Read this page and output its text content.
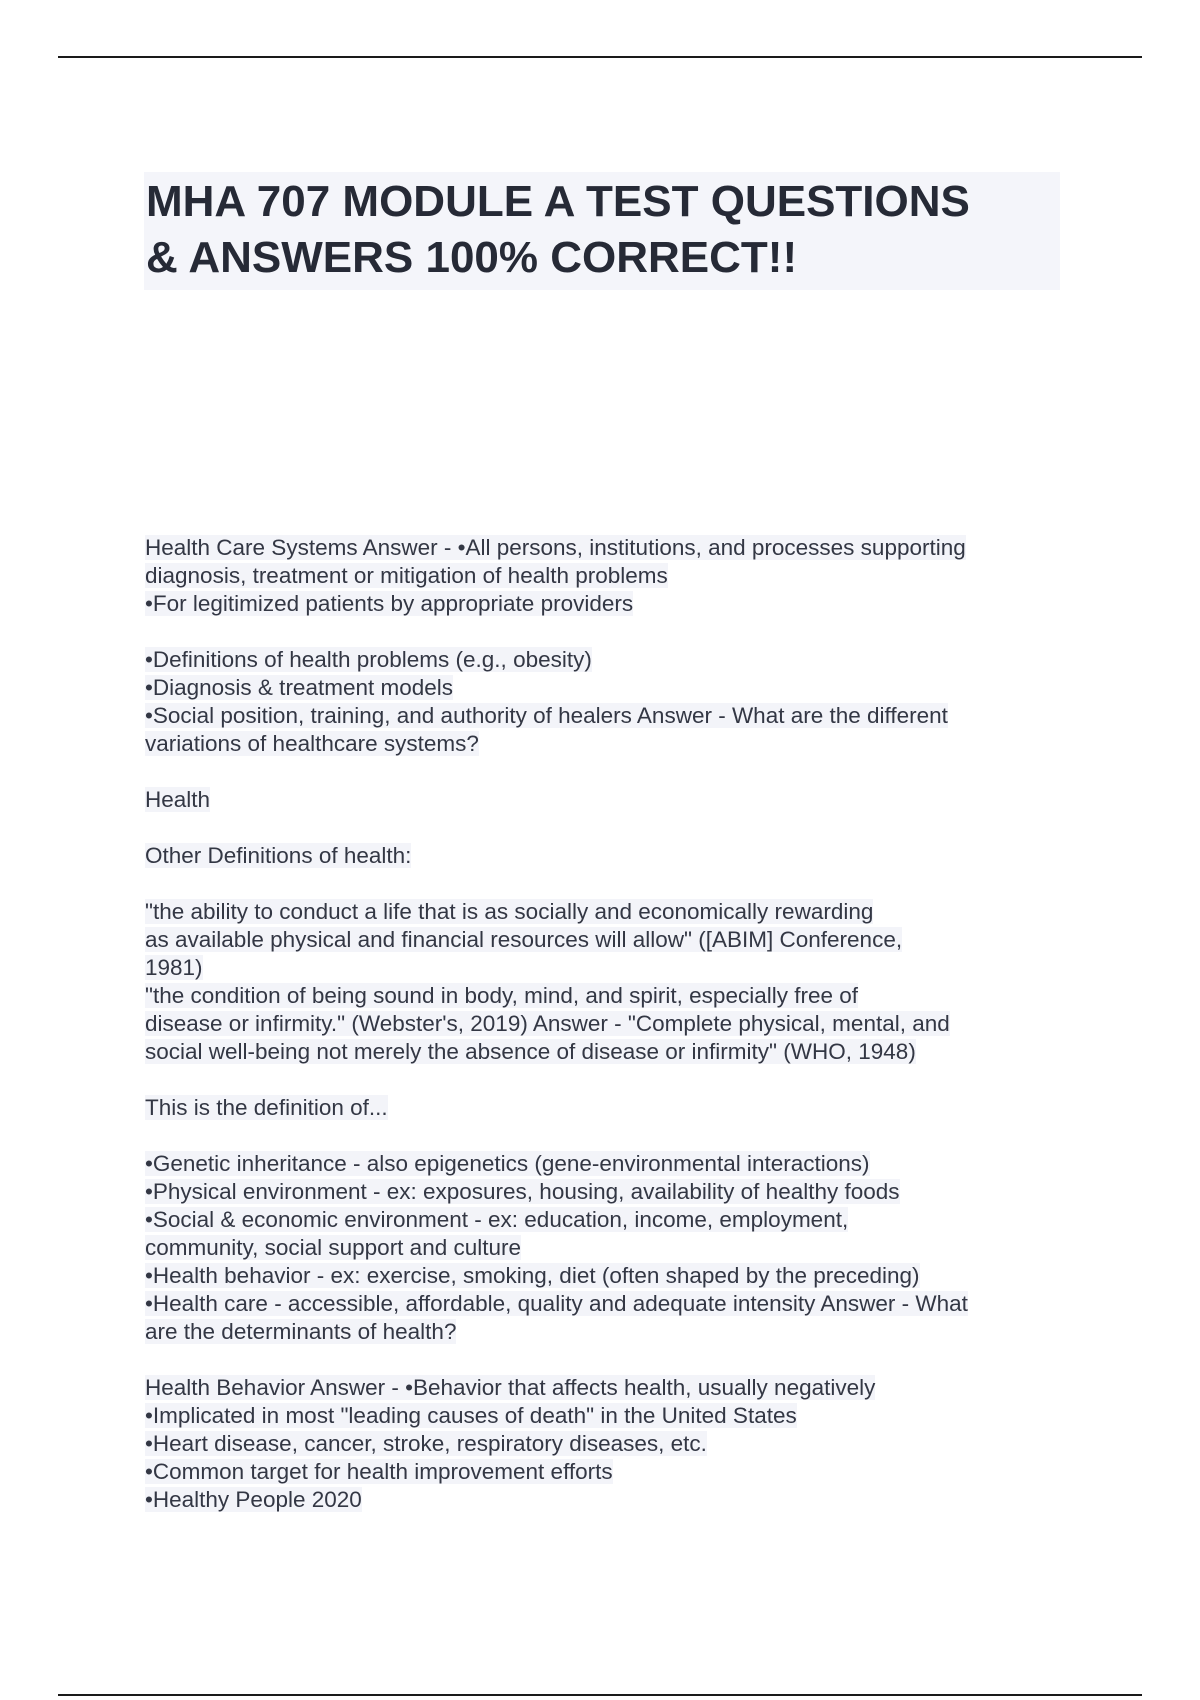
MHA 707 MODULE A TEST QUESTIONS
& ANSWERS 100% CORRECT!!
Health Care Systems Answer - •All persons, institutions, and processes supporting
diagnosis, treatment or mitigation of health problems
•For legitimized patients by appropriate providers
•Definitions of health problems (e.g., obesity)
•Diagnosis & treatment models
•Social position, training, and authority of healers Answer - What are the different
variations of healthcare systems?
Health
Other Definitions of health:
"the ability to conduct a life that is as socially and economically rewarding
as available physical and financial resources will allow" ([ABIM] Conference,
1981)
"the condition of being sound in body, mind, and spirit, especially free of
disease or infirmity." (Webster's, 2019) Answer - "Complete physical, mental, and
social well-being not merely the absence of disease or infirmity" (WHO, 1948)
This is the definition of...
•Genetic inheritance - also epigenetics (gene-environmental interactions)
•Physical environment - ex: exposures, housing, availability of healthy foods
•Social & economic environment - ex: education, income, employment,
community, social support and culture
•Health behavior - ex: exercise, smoking, diet (often shaped by the preceding)
•Health care - accessible, affordable, quality and adequate intensity Answer - What
are the determinants of health?
Health Behavior Answer - •Behavior that affects health, usually negatively
•Implicated in most "leading causes of death" in the United States
•Heart disease, cancer, stroke, respiratory diseases, etc.
•Common target for health improvement efforts
•Healthy People 2020
